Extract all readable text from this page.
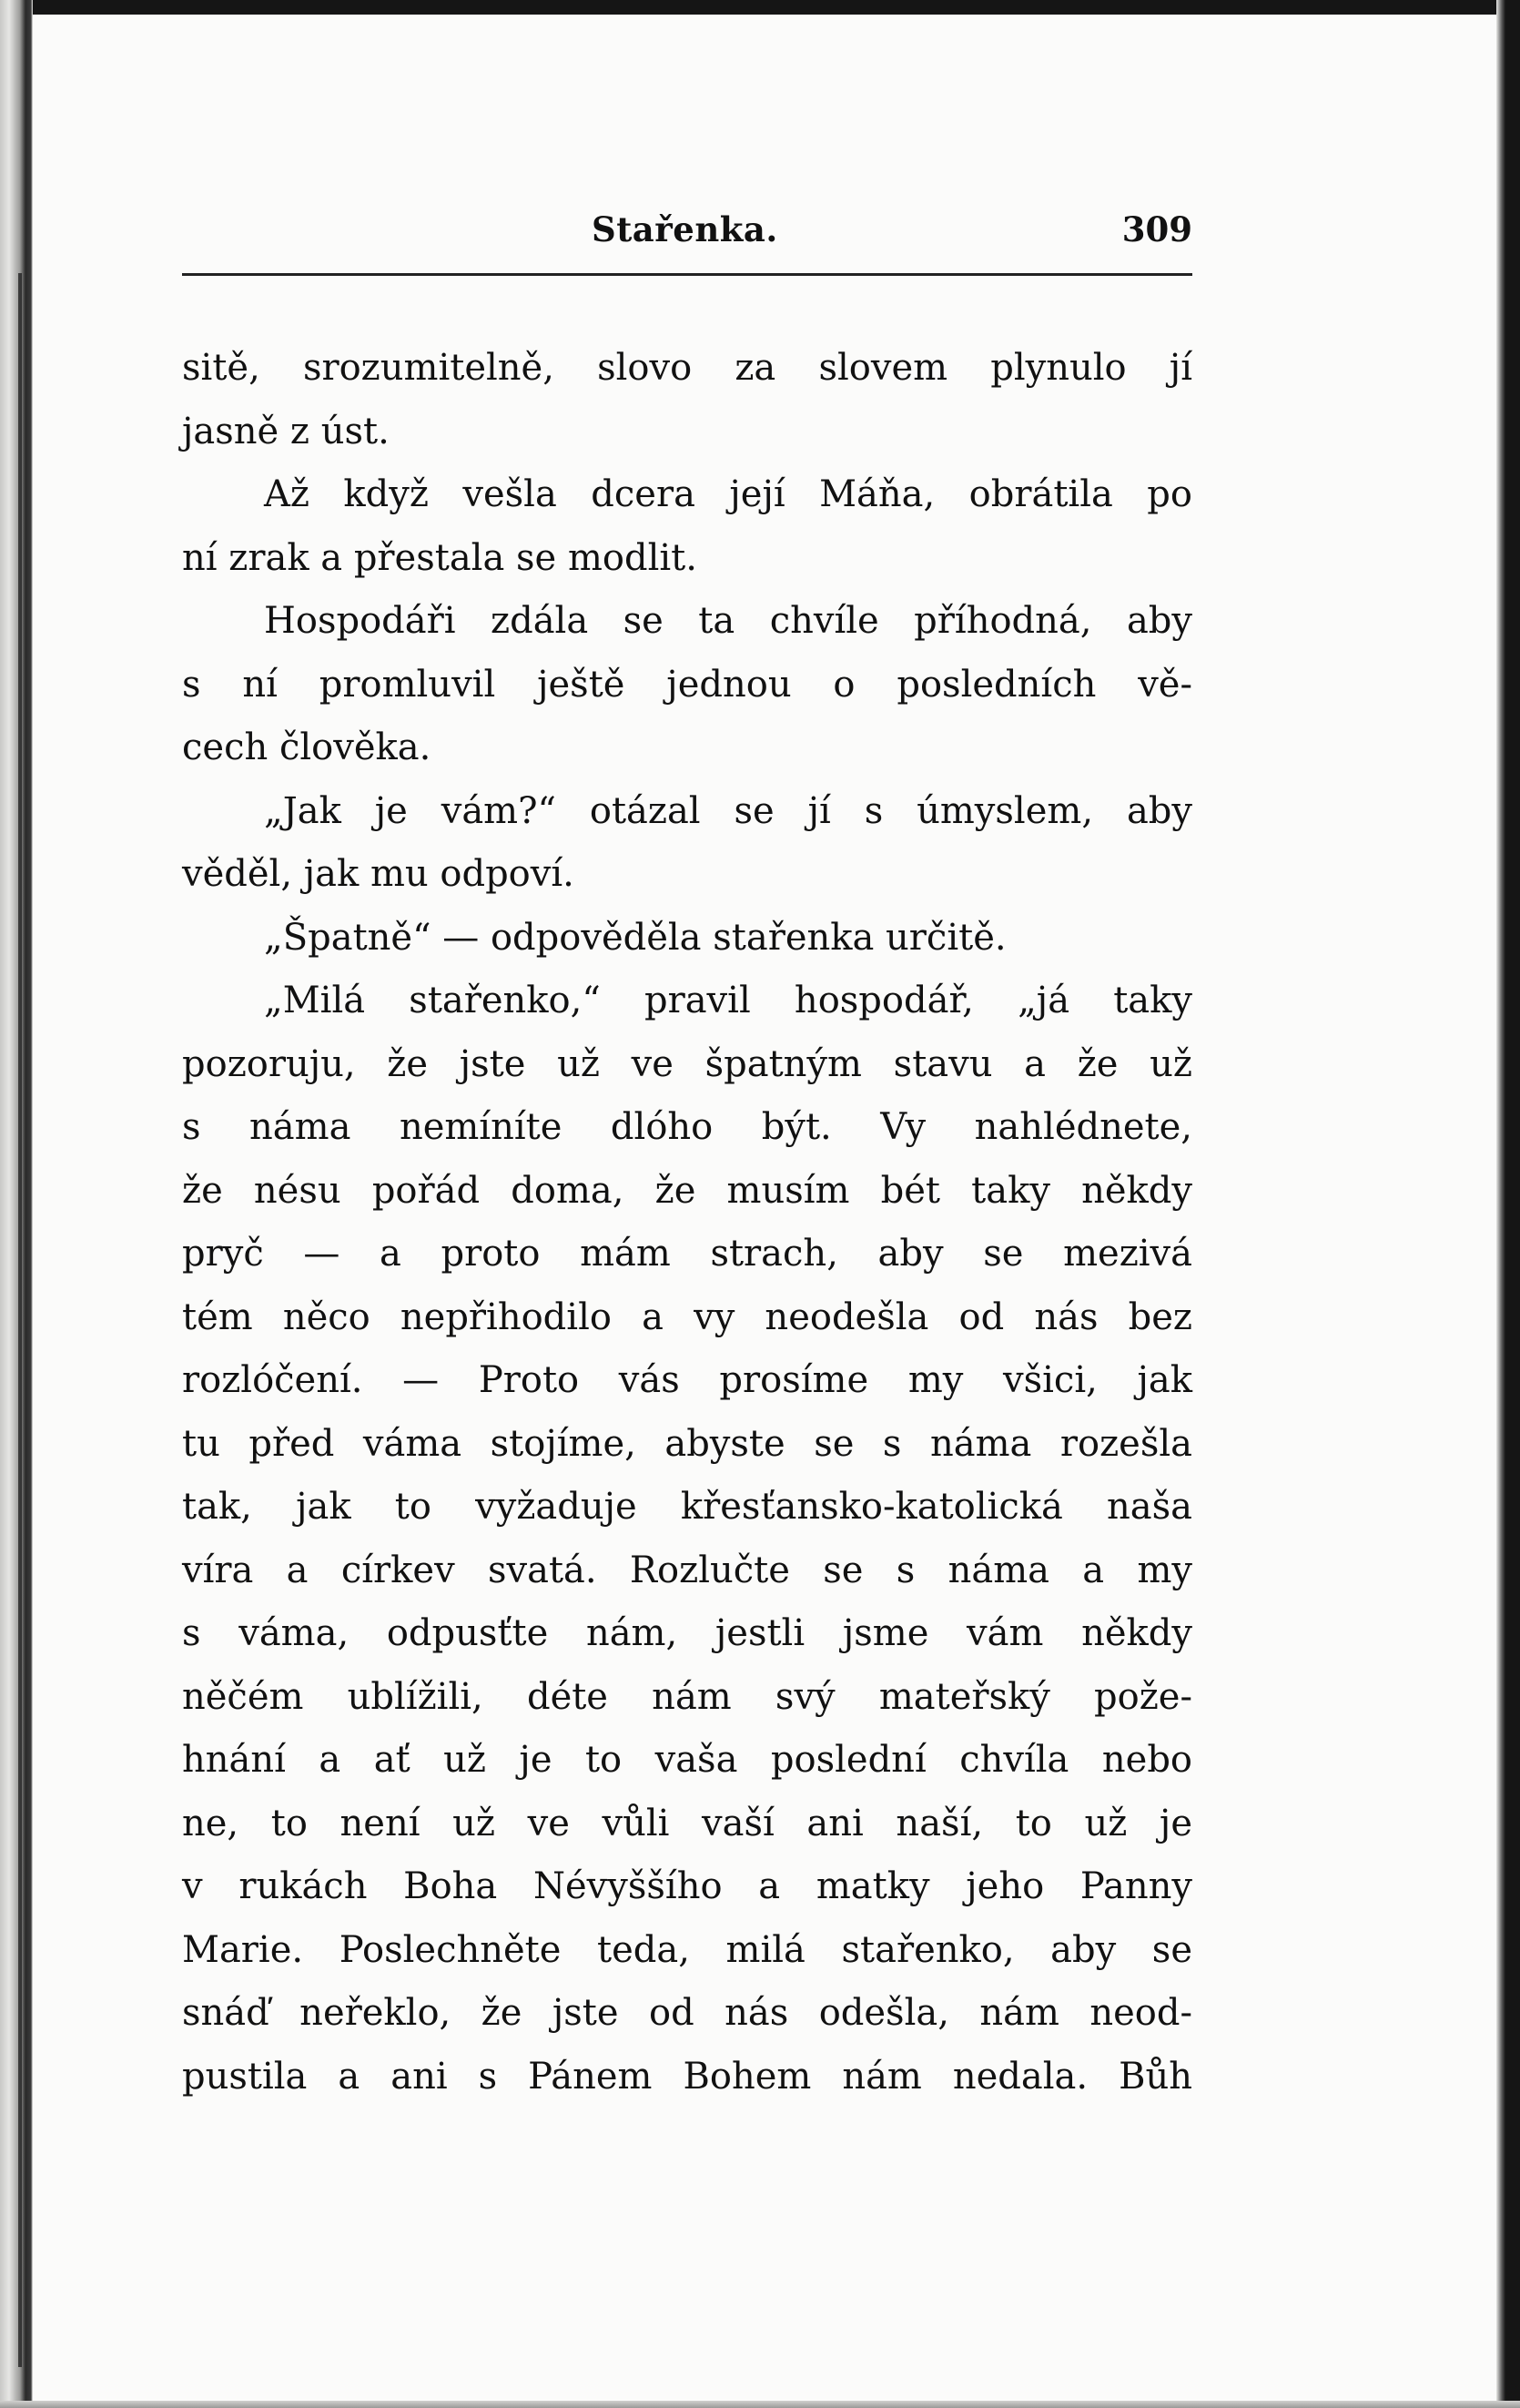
Stařenka.	309
sitě, srozumitelně, slovo za slovem plynulo jí
jasně z úst.
Až když vešla dcera její Máňa, obrátila po
ní zrak a přestala se modlit.
Hospodáři zdála se ta chvíle příhodná, aby
s ní promluvil ještě jednou o posledních vě-
cech člověka.
„Jak je vám?“ otázal se jí s úmyslem, aby
věděl, jak mu odpoví.
„Špatně“ — odpověděla stařenka určitě.
„Milá stařenko,“ pravil hospodář, „já taky
pozoruju, že jste už ve špatným stavu a že už
s náma nemíníte dlóho být. Vy nahlédnete,
že nésu pořád doma, že musím bét taky někdy
pryč — a proto mám strach, aby se mezivá
tém něco nepřihodilo a vy neodešla od nás bez
rozlóčení. — Proto vás prosíme my všici, jak
tu před váma stojíme, abyste se s náma rozešla
tak, jak to vyžaduje křesťansko-katolická naša
víra a církev svatá. Rozlučte se s náma a my
s váma, odpusťte nám, jestli jsme vám někdy
něčém ublížili, déte nám svý mateřský pože-
hnání a ať už je to vaša poslední chvíla nebo
ne, to není už ve vůli vaší ani naší, to už je
v rukách Boha Névyššího a matky jeho Panny
Marie. Poslechněte teda, milá stařenko, aby se
snáď neřeklo, že jste od nás odešla, nám neod-
pustila a ani s Pánem Bohem nám nedala. Bůh
